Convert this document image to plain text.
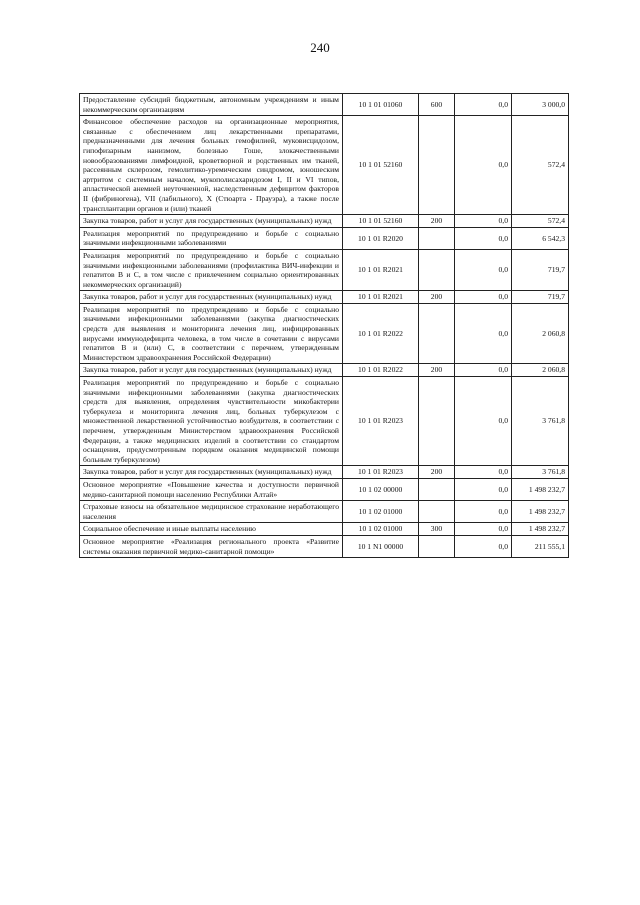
240
Предоставление субсидий бюджетным, автономным учреждениям и иным некоммерческим организациям	10 1 01 01060	600	0,0	3 000,0
Финансовое обеспечение расходов на организационные мероприятия, связанные с обеспечением лиц лекарственными препаратами, предназначенными для лечения больных гемофилией, муковисцидозом, гипофизарным нанизмом, болезнью Гоше, злокачественными новообразованиями лимфоидной, кроветворной и родственных им тканей, рассеянным склерозом, гемолитико-уремическим синдромом, юношеским артритом с системным началом, мукополисахаридозом I, II и VI типов, апластической анемией неуточненной, наследственным дефицитом факторов II (фибриногена), VII (лабильного), X (Стюарта - Прауэра), а также после трансплантации органов и (или) тканей	10 1 01 52160		0,0	572,4
Закупка товаров, работ и услуг для государственных (муниципальных) нужд	10 1 01 52160	200	0,0	572,4
Реализация мероприятий по предупреждению и борьбе с социально значимыми инфекционными заболеваниями	10 1 01 R2020		0,0	6 542,3
Реализация мероприятий по предупреждению и борьбе с социально значимыми инфекционными заболеваниями (профилактика ВИЧ-инфекции и гепатитов В и С, в том числе с привлечением социально ориентированных некоммерческих организаций)	10 1 01 R2021		0,0	719,7
Закупка товаров, работ и услуг для государственных (муниципальных) нужд	10 1 01 R2021	200	0,0	719,7
Реализация мероприятий по предупреждению и борьбе с социально значимыми инфекционными заболеваниями (закупка диагностических средств для выявления и мониторинга лечения лиц, инфицированных вирусами иммунодефицита человека, в том числе в сочетании с вирусами гепатитов В и (или) С, в соответствии с перечнем, утвержденным Министерством здравоохранения Российской Федерации)	10 1 01 R2022		0,0	2 060,8
Закупка товаров, работ и услуг для государственных (муниципальных) нужд	10 1 01 R2022	200	0,0	2 060,8
Реализация мероприятий по предупреждению и борьбе с социально значимыми инфекционными заболеваниями (закупка диагностических средств для выявления, определения чувствительности микобактерии туберкулеза и мониторинга лечения лиц, больных туберкулезом с множественной лекарственной устойчивостью возбудителя, в соответствии с перечнем, утвержденным Министерством здравоохранения Российской Федерации, а также медицинских изделий в соответствии со стандартом оснащения, предусмотренным порядком оказания медицинской помощи больным туберкулезом)	10 1 01 R2023		0,0	3 761,8
Закупка товаров, работ и услуг для государственных (муниципальных) нужд	10 1 01 R2023	200	0,0	3 761,8
Основное мероприятие «Повышение качества и доступности первичной медико-санитарной помощи населению Республики Алтай»	10 1 02 00000		0,0	1 498 232,7
Страховые взносы на обязательное медицинское страхование неработающего населения	10 1 02 01000		0,0	1 498 232,7
Социальное обеспечение и иные выплаты населению	10 1 02 01000	300	0,0	1 498 232,7
Основное мероприятие «Реализация регионального проекта «Развитие системы оказания первичной медико-санитарной помощи»	10 1 N1 00000		0,0	211 555,1
